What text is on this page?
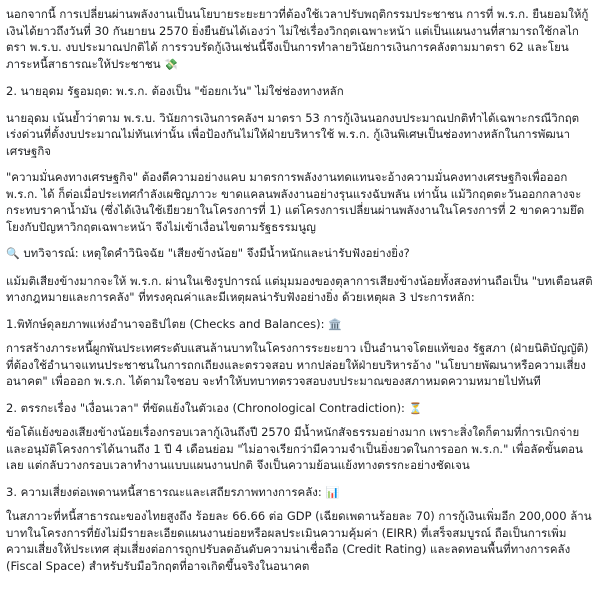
นอกจากนี้ การเปลี่ยนผ่านพลังงานเป็นนโยบายระยะยาวที่ต้องใช้เวลาปรับพฤติกรรมประชาชน การที่ พ.ร.ก. ยืนยอมให้กู้เงินได้ยาวถึงวันที่ 30 กันยายน 2570 ยิ่งยืนยันได้เองว่า ไม่ใช่เรื่องวิกฤตเฉพาะหน้า แต่เป็นแผนงานที่สามารถใช้กลไกตรา พ.ร.บ. งบประมาณปกติได้ การรวบรัดกู้เงินเช่นนี้จึงเป็นการทำลายวินัยการเงินการคลังตามมาตรา 62 และโยนภาระหนี้สาธารณะให้ประชาชน 💸

2. นายอุดม รัฐอมฤต: พ.ร.ก. ต้องเป็น "ข้อยกเว้น" ไม่ใช่ช่องทางหลัก

นายอุดม เน้นย้ำว่าตาม พ.ร.บ. วินัยการเงินการคลังฯ มาตรา 53 การกู้เงินนอกงบประมาณปกติทำได้เฉพาะกรณีวิกฤตเร่งด่วนที่ตั้งงบประมาณไม่ทันเท่านั้น เพื่อป้องกันไม่ให้ฝ่ายบริหารใช้ พ.ร.ก. กู้เงินพิเศษเป็นช่องทางหลักในการพัฒนาเศรษฐกิจ

"ความมั่นคงทางเศรษฐกิจ" ต้องตีความอย่างแคบ มาตรการพลังงานทดแทนจะอ้างความมั่นคงทางเศรษฐกิจเพื่อออก พ.ร.ก. ได้ ก็ต่อเมื่อประเทศกำลังเผชิญภาวะ ขาดแคลนพลังงานอย่างรุนแรงฉับพลัน เท่านั้น แม้วิกฤตตะวันออกกลางจะกระทบราคาน้ำมัน (ซึ่งได้เงินใช้เยียวยาในโครงการที่ 1) แต่โครงการเปลี่ยนผ่านพลังงานในโครงการที่ 2 ขาดความยึดโยงกับปัญหาวิกฤตเฉพาะหน้า จึงไม่เข้าเงื่อนไขตามรัฐธรรมนูญ

🔍 บทวิจารณ์: เหตุใดคำวินิจฉัย "เสียงข้างน้อย" จึงมีน้ำหนักและน่ารับฟังอย่างยิ่ง?

แม้มติเสียงข้างมากจะให้ พ.ร.ก. ผ่านในเชิงรูปการณ์ แต่มุมมองของตุลาการเสียงข้างน้อยทั้งสองท่านถือเป็น "บทเตือนสติทางกฎหมายและการคลัง" ที่ทรงคุณค่าและมีเหตุผลน่ารับฟังอย่างยิ่ง ด้วยเหตุผล 3 ประการหลัก:

1.พิทักษ์ดุลยภาพแห่งอำนาจอธิปไตย (Checks and Balances): 🏛️

การสร้างภาระหนี้ผูกพันประเทศระดับแสนล้านบาทในโครงการระยะยาว เป็นอำนาจโดยแท้ของ รัฐสภา (ฝ่ายนิติบัญญัติ) ที่ต้องใช้อำนาจแทนประชาชนในการถกเถียงและตรวจสอบ หากปล่อยให้ฝ่ายบริหารอ้าง "นโยบายพัฒนาหรือความเสี่ยงอนาคต" เพื่อออก พ.ร.ก. ได้ตามใจชอบ จะทำให้บทบาทตรวจสอบงบประมาณของสภาหมดความหมายไปทันที

2. ตรรกะเรื่อง "เงื่อนเวลา" ที่ขัดแย้งในตัวเอง (Chronological Contradiction): ⏳

ข้อโต้แย้งของเสียงข้างน้อยเรื่องกรอบเวลากู้เงินถึงปี 2570 มีน้ำหนักสัจธรรมอย่างมาก เพราะสิ่งใดก็ตามที่การเบิกจ่ายและอนุมัติโครงการได้นานถึง 1 ปี 4 เดือนย่อม "ไม่อาจเรียกว่ามีความจำเป็นยิ่งยวดในการออก พ.ร.ก." เพื่อลัดขั้นตอนเลย แต่กลับวางกรอบเวลาทำงานแบบแผนงานปกติ จึงเป็นความย้อนแย้งทางตรรกะอย่างชัดเจน

3. ความเสี่ยงต่อเพดานหนี้สาธารณะและเสถียรภาพทางการคลัง: 📊

ในสภาวะที่หนี้สาธารณะของไทยสูงถึง ร้อยละ 66.66 ต่อ GDP (เฉียดเพดานร้อยละ 70) การกู้เงินเพิ่มอีก 200,000 ล้านบาทในโครงการที่ยังไม่มีรายละเอียดแผนงานย่อยหรือผลประเมินความคุ้มค่า (EIRR) ที่เสร็จสมบูรณ์ ถือเป็นการเพิ่มความเสี่ยงให้ประเทศ สุ่มเสี่ยงต่อการถูกปรับลดอันดับความน่าเชื่อถือ (Credit Rating) และลดทอนพื้นที่ทางการคลัง (Fiscal Space) สำหรับรับมือวิกฤตที่อาจเกิดขึ้นจริงในอนาคต
